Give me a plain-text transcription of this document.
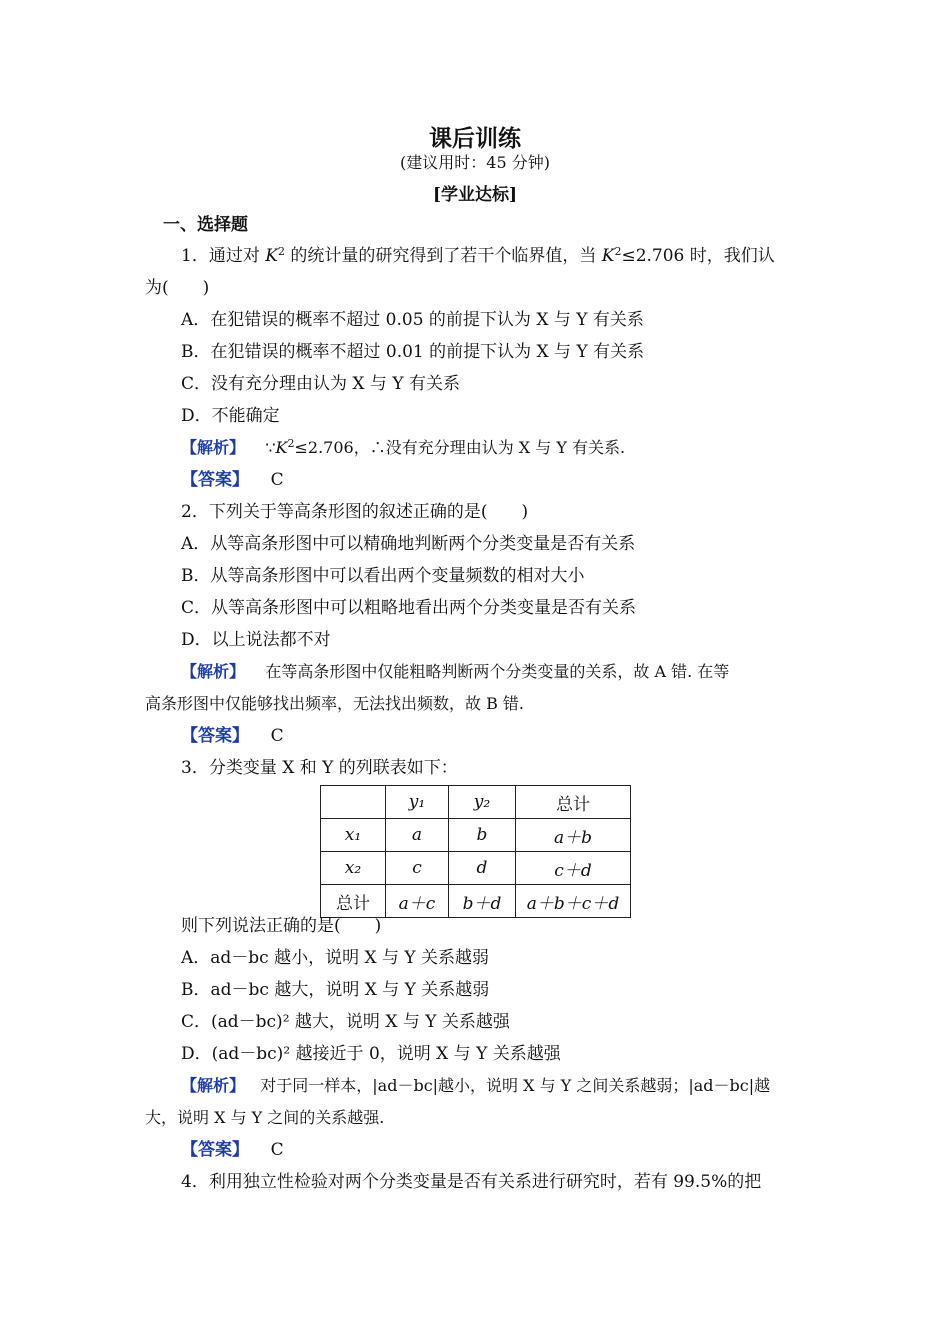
课后训练
(建议用时：45 分钟)
[学业达标]
一、选择题
1．通过对 $K^2$ 的统计量的研究得到了若干个临界值，当 $K^2\le 2.706$ 时，我们认
为(　　)
A．在犯错误的概率不超过 0.05 的前提下认为 X 与 Y 有关系
B．在犯错误的概率不超过 0.01 的前提下认为 X 与 Y 有关系
C．没有充分理由认为 X 与 Y 有关系
D．不能确定
【解析】 $\because K^2\le 2.706$，∴没有充分理由认为 X 与 Y 有关系.
【答案】 C
2．下列关于等高条形图的叙述正确的是(　　)
A．从等高条形图中可以精确地判断两个分类变量是否有关系
B．从等高条形图中可以看出两个变量频数的相对大小
C．从等高条形图中可以粗略地看出两个分类变量是否有关系
D．以上说法都不对
【解析】 在等高条形图中仅能粗略判断两个分类变量的关系，故 A 错. 在等
高条形图中仅能够找出频率，无法找出频数，故 B 错.
【答案】 C
3．分类变量 X 和 Y 的列联表如下：
	y₁	y₂	总计
x₁	a	b	a＋b
x₂	c	d	c＋d
总计	a＋c	b＋d	a＋b＋c＋d
则下列说法正确的是(　　)
A．ad－bc 越小，说明 X 与 Y 关系越弱
B．ad－bc 越大，说明 X 与 Y 关系越弱
C．(ad－bc)² 越大，说明 X 与 Y 关系越强
D．(ad－bc)² 越接近于 0，说明 X 与 Y 关系越强
【解析】 对于同一样本，|ad－bc|越小，说明 X 与 Y 之间关系越弱；|ad－bc|越
大，说明 X 与 Y 之间的关系越强.
【答案】 C
4．利用独立性检验对两个分类变量是否有关系进行研究时，若有 99.5%的把
